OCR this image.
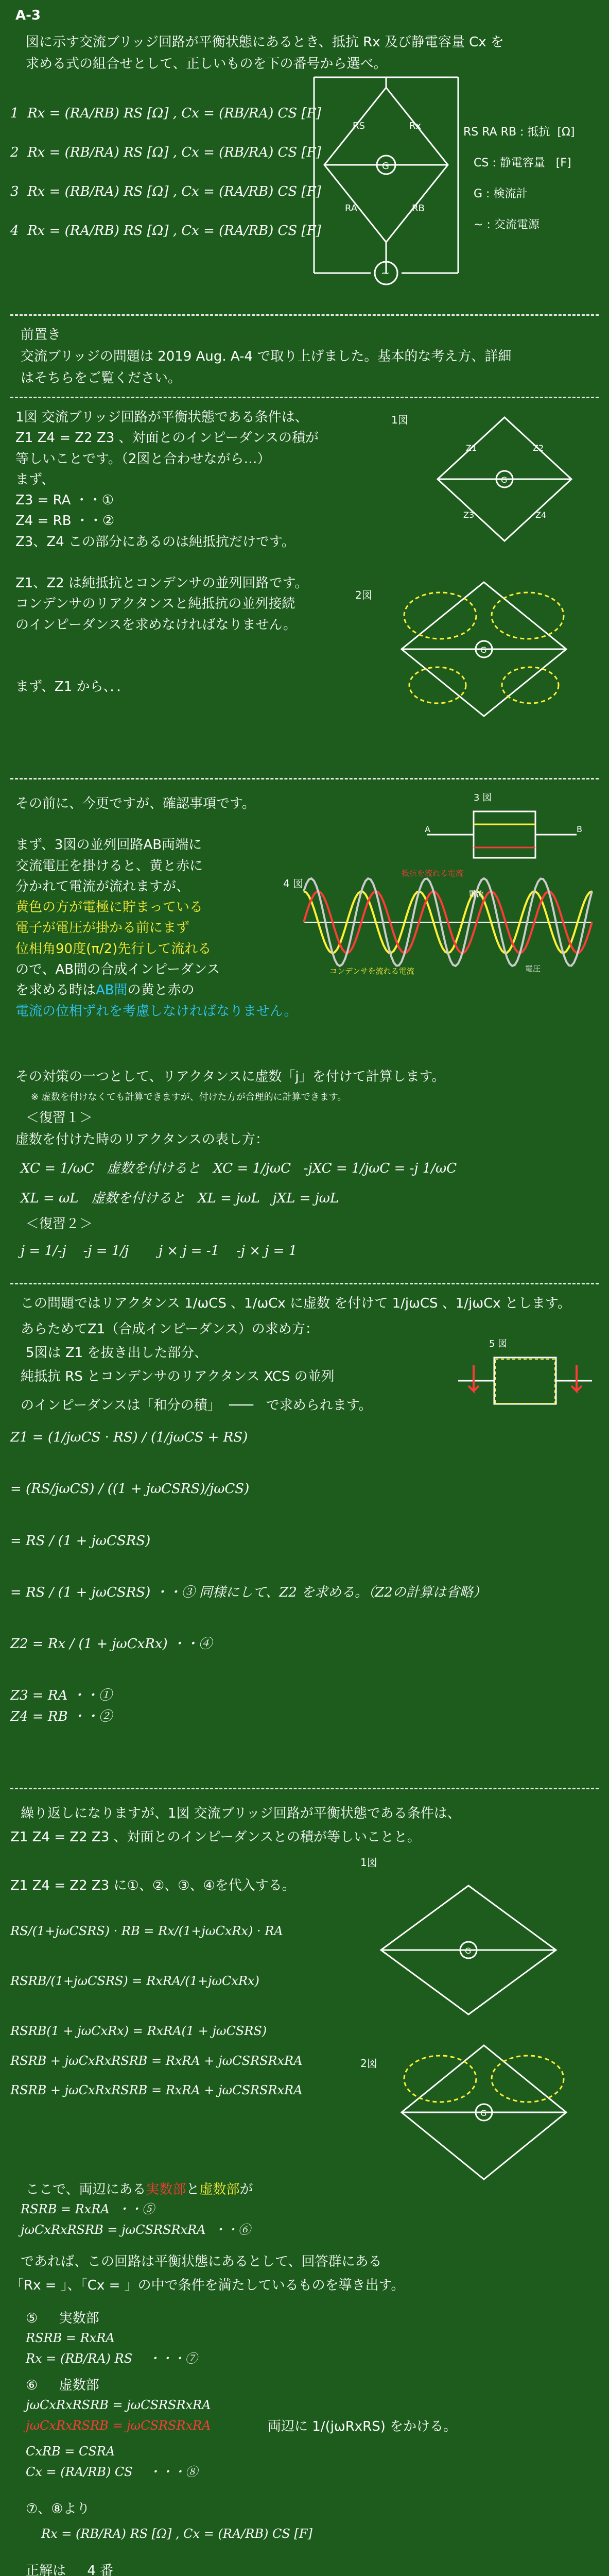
A-3
図に示す交流ブリッジ回路が平衡状態にあるとき、抵抗 Rx 及び静電容量 Cx を
求める式の組合せとして、正しいものを下の番号から選べ。
1  Rx = (RA/RB) RS [Ω] , Cx = (RB/RA) CS [F]
2  Rx = (RB/RA) RS [Ω] , Cx = (RB/RA) CS [F]
3  Rx = (RB/RA) RS [Ω] , Cx = (RA/RB) CS [F]
4  Rx = (RA/RB) RS [Ω] , Cx = (RA/RB) CS [F]
G
RS	Rx
RA	RB
~
RS RA RB : 抵抗  [Ω]
CS : 静電容量   [F]
G : 検流計
~ : 交流電源
前置き
交流ブリッジの問題は 2019 Aug. A-4 で取り上げました。基本的な考え方、詳細
はそちらをご覧ください。
1図 交流ブリッジ回路が平衡状態である条件は、
Z1 Z4 = Z2 Z3 、対面とのインピーダンスの積が
等しいことです。（2図と合わせながら…）
まず、
Z3 = RA ・・①
Z4 = RB ・・②
Z3、Z4 この部分にあるのは純抵抗だけです。
Z1、Z2 は純抵抗とコンデンサの並列回路です。
コンデンサのリアクタンスと純抵抗の並列接続
のインピーダンスを求めなければなりません。
まず、Z1 から、．．
1図
G
Z1	Z2
Z3	Z4
2図
G
その前に、今更ですが、確認事項です。
まず、3図の並列回路AB両端に
交流電圧を掛けると、黄と赤に
分かれて電流が流れますが、
黄色の方が電極に貯まっている
電子が電圧が掛かる前にまず
位相角90度(π/2)先行して流れる
ので、AB間の合成インピーダンス
を求める時はAB間の黄と赤の
電流の位相ずれを考慮しなければなりません。
3 図
A	B
4 図
抵抗を流れる電流
電流
コンデンサを流れる電流	電圧
その対策の一つとして、リアクタンスに虚数「j」を付けて計算します。
※ 虚数を付けなくても計算できますが、付けた方が合理的に計算できます。
＜復習１＞
虚数を付けた時のリアクタンスの表し方：
XC = 1/ωC   虚数を付けると   XC = 1/jωC   -jXC = 1/jωC = -j 1/ωC
XL = ωL   虚数を付けると   XL = jωL   jXL = jωL
＜復習２＞
j = 1/-j    -j = 1/j       j × j = -1    -j × j = 1
この問題ではリアクタンス 1/ωCS 、1/ωCx に虚数 を付けて 1/jωCS 、1/jωCx とします。
あらためてZ1（合成インピーダンス）の求め方：
5図は Z1 を抜き出した部分、
純抵抗 RS とコンデンサのリアクタンス XCS の並列
のインピーダンスは「和分の積」  ───   で求められます。
5 図
Z1 = (1/jωCS · RS) / (1/jωCS + RS)
= (RS/jωCS) / ((1 + jωCSRS)/jωCS)
= RS / (1 + jωCSRS)
= RS / (1 + jωCSRS) ・・③ 同様にして、Z2 を求める。（Z2の計算は省略）
Z2 = Rx / (1 + jωCxRx) ・・④
Z3 = RA ・・①
Z4 = RB ・・②
繰り返しになりますが、1図 交流ブリッジ回路が平衡状態である条件は、
Z1 Z4 = Z2 Z3 、対面とのインピーダンスとの積が等しいことと。
Z1 Z4 = Z2 Z3 に①、②、③、④を代入する。
1図
G
RS/(1+jωCSRS) · RB = Rx/(1+jωCxRx) · RA
RSRB/(1+jωCSRS) = RxRA/(1+jωCxRx)
RSRB(1 + jωCxRx) = RxRA(1 + jωCSRS)
RSRB + jωCxRxRSRB = RxRA + jωCSRSRxRA
RSRB + jωCxRxRSRB = RxRA + jωCSRSRxRA
2図
G
ここで、両辺にある実数部と虚数部が
RSRB = RxRA  ・・⑤
jωCxRxRSRB = jωCSRSRxRA  ・・⑥
であれば、この回路は平衡状態にあるとして、回答群にある
「Rx = 」、「Cx = 」の中で条件を満たしているものを導き出す。
⑤     実数部
RSRB = RxRA
Rx = (RB/RA) RS    ・・・⑦
⑥     虚数部
jωCxRxRSRB = jωCSRSRxRA
jωCxRxRSRB = jωCSRSRxRA	両辺に 1/(jωRxRS) をかける。
CxRB = CSRA
Cx = (RA/RB) CS    ・・・⑧
⑦、⑧より
Rx = (RB/RA) RS [Ω] , Cx = (RA/RB) CS [F]
正解は     4 番
